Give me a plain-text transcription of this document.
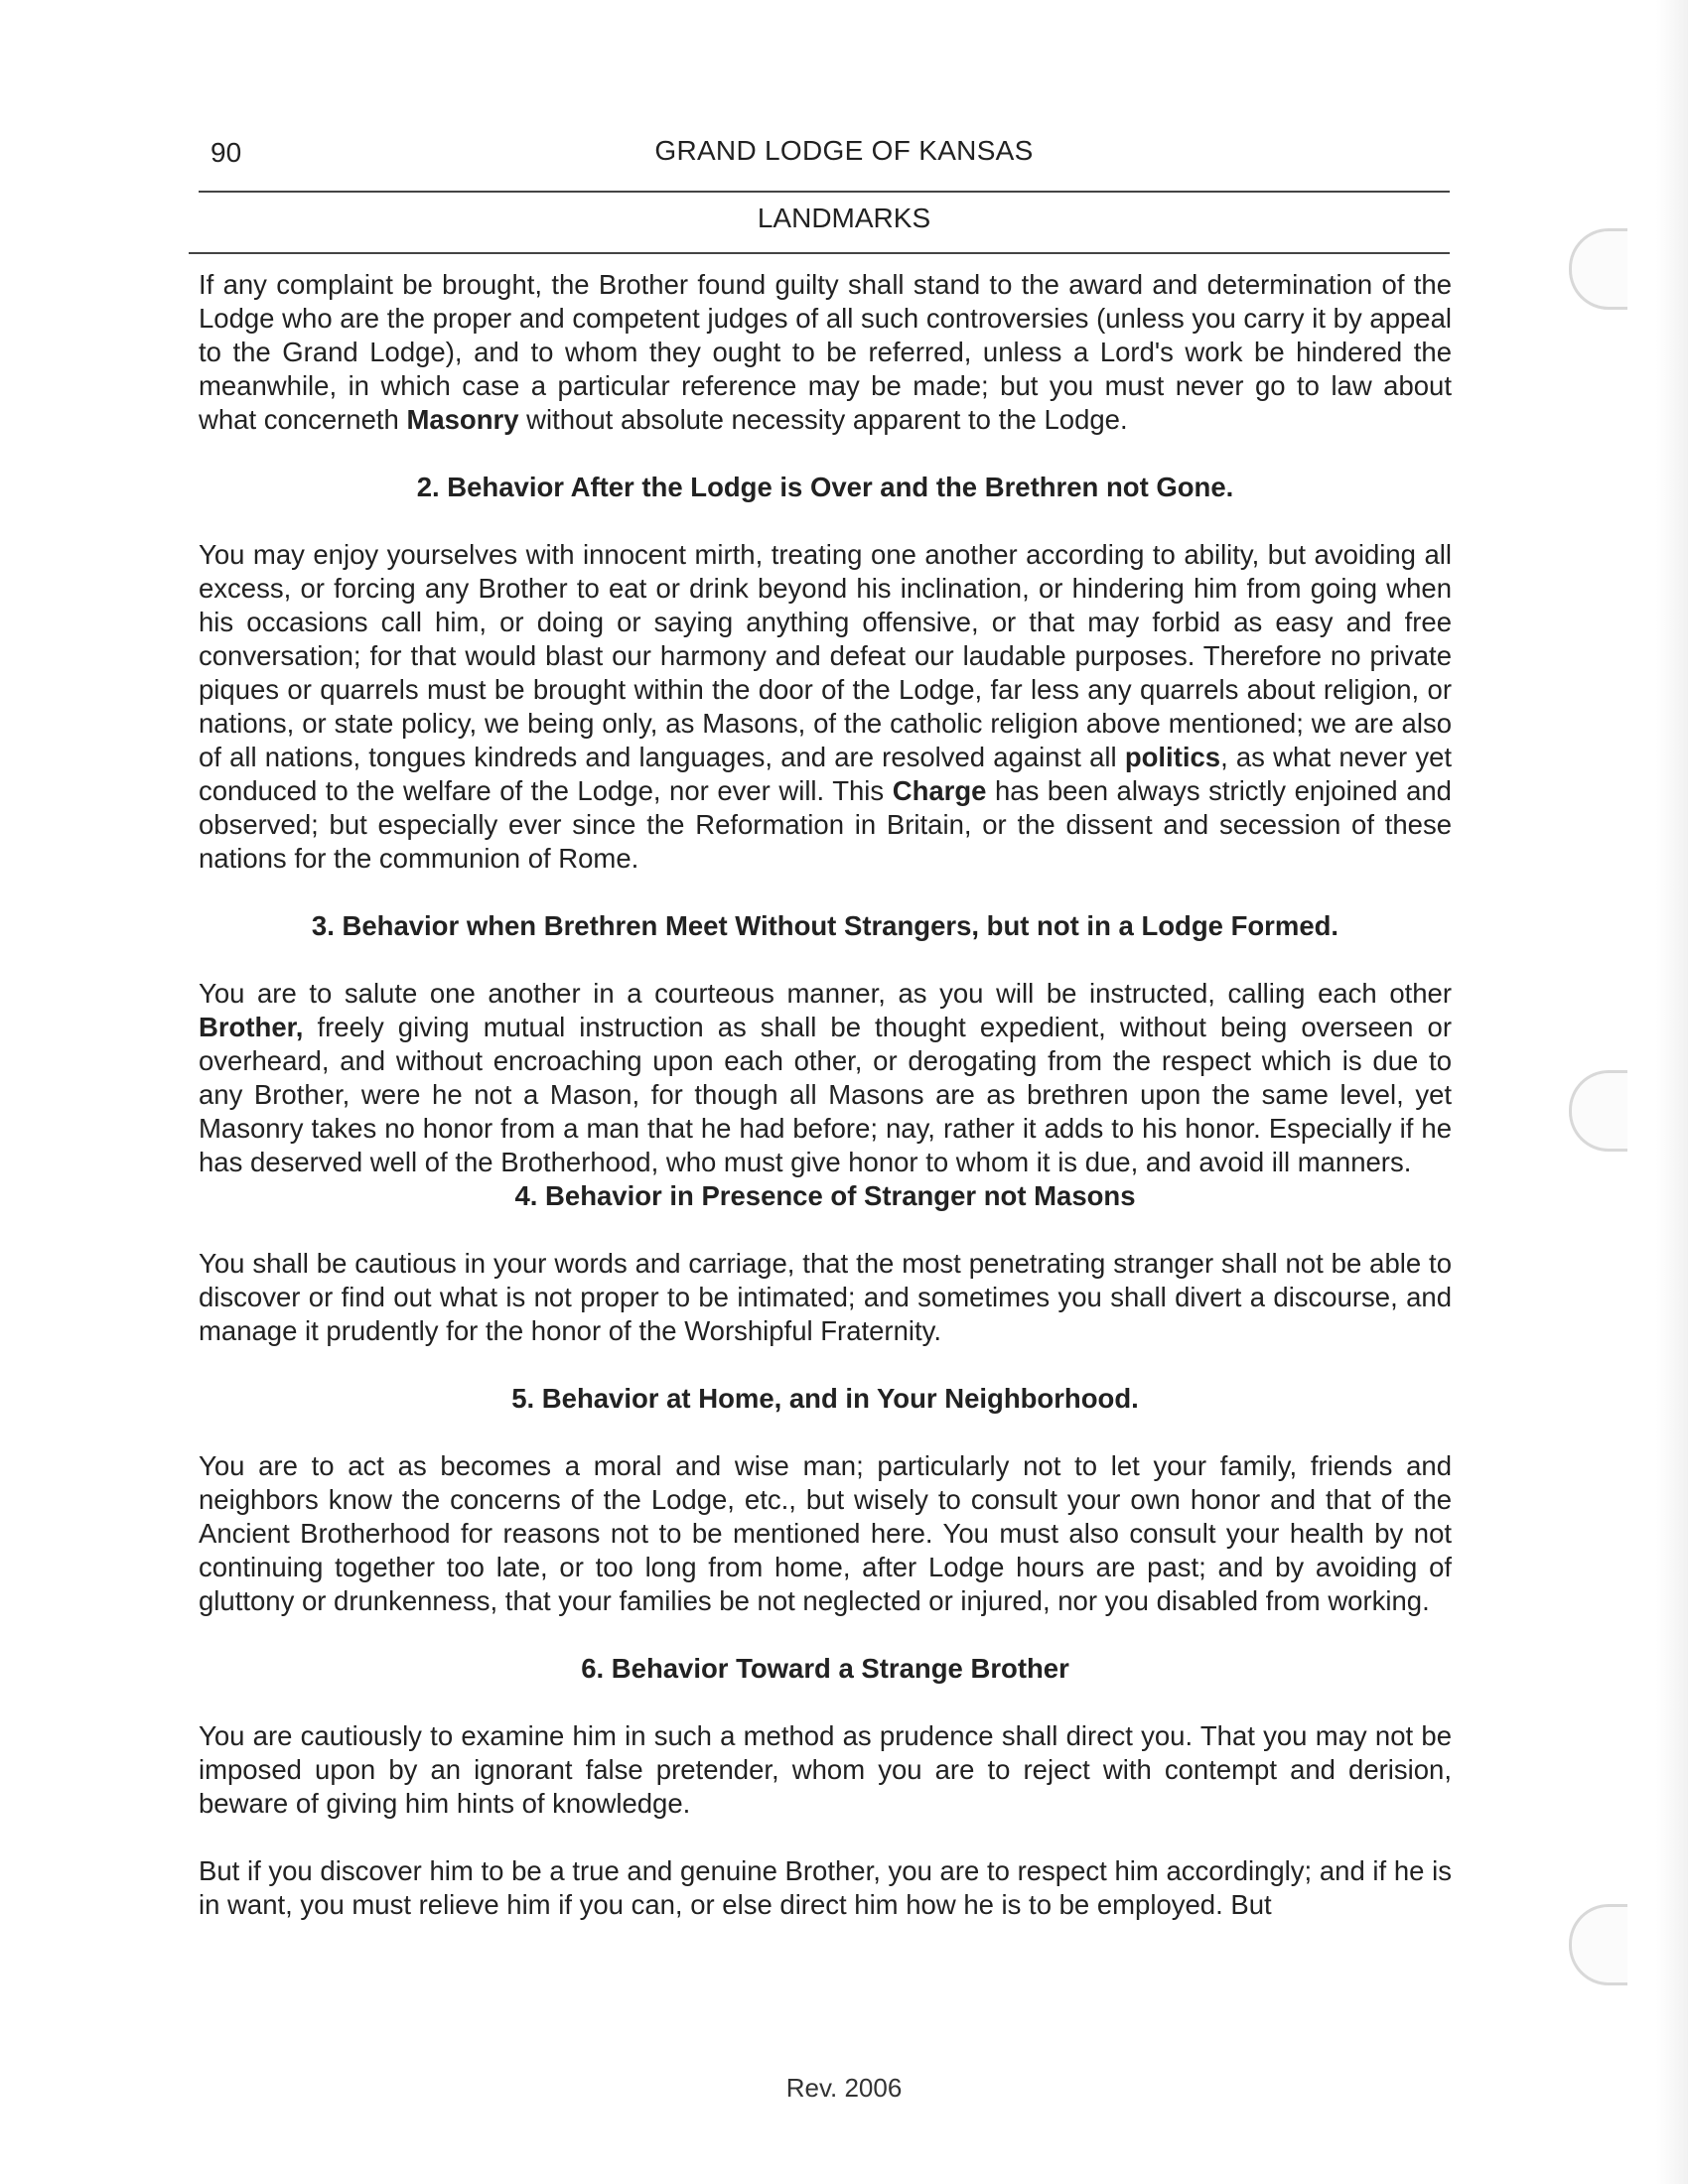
90	GRAND LODGE OF KANSAS
LANDMARKS

If any complaint be brought, the Brother found guilty shall stand to the award and determination of the Lodge who are the proper and competent judges of all such controversies (unless you carry it by appeal to the Grand Lodge), and to whom they ought to be referred, unless a Lord's work be hindered the meanwhile, in which case a particular reference may be made; but you must never go to law about what concerneth Masonry without absolute necessity apparent to the Lodge.

2. Behavior After the Lodge is Over and the Brethren not Gone.

You may enjoy yourselves with innocent mirth, treating one another according to ability, but avoiding all excess, or forcing any Brother to eat or drink beyond his inclination, or hindering him from going when his occasions call him, or doing or saying anything offensive, or that may forbid as easy and free conversation; for that would blast our harmony and defeat our laudable purposes. Therefore no private piques or quarrels must be brought within the door of the Lodge, far less any quarrels about religion, or nations, or state policy, we being only, as Masons, of the catholic religion above mentioned; we are also of all nations, tongues kindreds and languages, and are resolved against all politics, as what never yet conduced to the welfare of the Lodge, nor ever will. This Charge has been always strictly enjoined and observed; but especially ever since the Reformation in Britain, or the dissent and secession of these nations for the communion of Rome.

3. Behavior when Brethren Meet Without Strangers, but not in a Lodge Formed.

You are to salute one another in a courteous manner, as you will be instructed, calling each other Brother, freely giving mutual instruction as shall be thought expedient, without being overseen or overheard, and without encroaching upon each other, or derogating from the respect which is due to any Brother, were he not a Mason, for though all Masons are as brethren upon the same level, yet Masonry takes no honor from a man that he had before; nay, rather it adds to his honor. Especially if he has deserved well of the Brotherhood, who must give honor to whom it is due, and avoid ill manners.

4. Behavior in Presence of Stranger not Masons

You shall be cautious in your words and carriage, that the most penetrating stranger shall not be able to discover or find out what is not proper to be intimated; and sometimes you shall divert a discourse, and manage it prudently for the honor of the Worshipful Fraternity.

5. Behavior at Home, and in Your Neighborhood.

You are to act as becomes a moral and wise man; particularly not to let your family, friends and neighbors know the concerns of the Lodge, etc., but wisely to consult your own honor and that of the Ancient Brotherhood for reasons not to be mentioned here. You must also consult your health by not continuing together too late, or too long from home, after Lodge hours are past; and by avoiding of gluttony or drunkenness, that your families be not neglected or injured, nor you disabled from working.

6. Behavior Toward a Strange Brother

You are cautiously to examine him in such a method as prudence shall direct you. That you may not be imposed upon by an ignorant false pretender, whom you are to reject with contempt and derision, beware of giving him hints of knowledge.

But if you discover him to be a true and genuine Brother, you are to respect him accordingly; and if he is in want, you must relieve him if you can, or else direct him how he is to be employed. But

Rev. 2006
